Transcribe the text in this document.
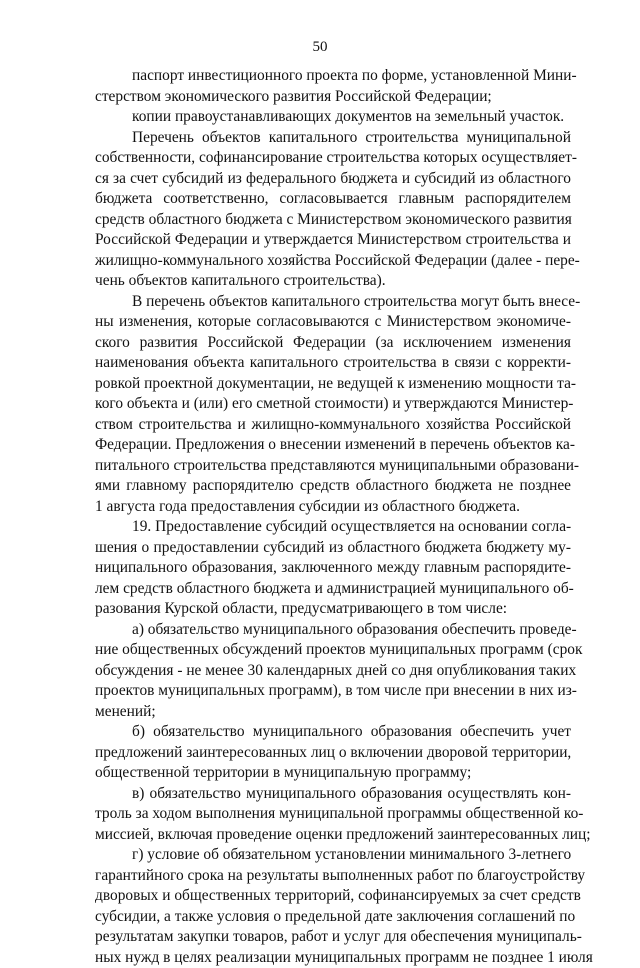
50
паспорт инвестиционного проекта по форме, установленной Мини-
стерством экономического развития Российской Федерации;
копии правоустанавливающих документов на земельный участок.
Перечень объектов капитального строительства муниципальной
собственности, софинансирование строительства которых осуществляет-
ся за счет субсидий из федерального бюджета и субсидий из областного
бюджета соответственно, согласовывается главным распорядителем
средств областного бюджета с Министерством экономического развития
Российской Федерации и утверждается Министерством строительства и
жилищно-коммунального хозяйства Российской Федерации (далее - пере-
чень объектов капитального строительства).
В перечень объектов капитального строительства могут быть внесе-
ны изменения, которые согласовываются с Министерством экономиче-
ского развития Российской Федерации (за исключением изменения
наименования объекта капитального строительства в связи с корректи-
ровкой проектной документации, не ведущей к изменению мощности та-
кого объекта и (или) его сметной стоимости) и утверждаются Министер-
ством строительства и жилищно-коммунального хозяйства Российской
Федерации. Предложения о внесении изменений в перечень объектов ка-
питального строительства представляются муниципальными образовани-
ями главному распорядителю средств областного бюджета не позднее
1 августа года предоставления субсидии из областного бюджета.
19. Предоставление субсидий осуществляется на основании согла-
шения о предоставлении субсидий из областного бюджета бюджету му-
ниципального образования, заключенного между главным распорядите-
лем средств областного бюджета и администрацией муниципального об-
разования Курской области, предусматривающего в том числе:
а) обязательство муниципального образования обеспечить проведе-
ние общественных обсуждений проектов муниципальных программ (срок
обсуждения - не менее 30 календарных дней со дня опубликования таких
проектов муниципальных программ), в том числе при внесении в них из-
менений;
б) обязательство муниципального образования обеспечить учет
предложений заинтересованных лиц о включении дворовой территории,
общественной территории в муниципальную программу;
в) обязательство муниципального образования осуществлять кон-
троль за ходом выполнения муниципальной программы общественной ко-
миссией, включая проведение оценки предложений заинтересованных лиц;
г) условие об обязательном установлении минимального 3-летнего
гарантийного срока на результаты выполненных работ по благоустройству
дворовых и общественных территорий, софинансируемых за счет средств
субсидии, а также условия о предельной дате заключения соглашений по
результатам закупки товаров, работ и услуг для обеспечения муниципаль-
ных нужд в целях реализации муниципальных программ не позднее 1 июля
